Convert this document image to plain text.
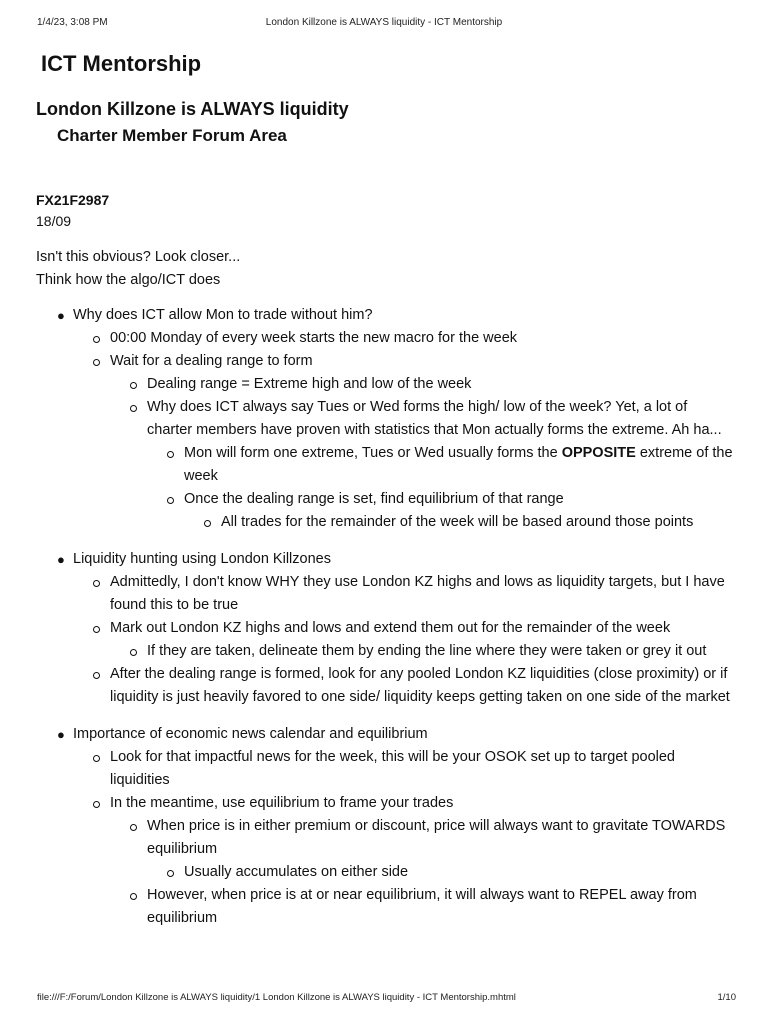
1/4/23, 3:08 PM	London Killzone is ALWAYS liquidity - ICT Mentorship
ICT Mentorship
London Killzone is ALWAYS liquidity
Charter Member Forum Area
FX21F2987
18/09
Isn't this obvious? Look closer...
Think how the algo/ICT does
● Why does ICT allow Mon to trade without him?
00:00 Monday of every week starts the new macro for the week
Wait for a dealing range to form
Dealing range = Extreme high and low of the week
Why does ICT always say Tues or Wed forms the high/ low of the week? Yet, a lot of charter members have proven with statistics that Mon actually forms the extreme. Ah ha...
Mon will form one extreme, Tues or Wed usually forms the OPPOSITE extreme of the week
Once the dealing range is set, find equilibrium of that range
All trades for the remainder of the week will be based around those points
● Liquidity hunting using London Killzones
Admittedly, I don't know WHY they use London KZ highs and lows as liquidity targets, but I have found this to be true
Mark out London KZ highs and lows and extend them out for the remainder of the week
If they are taken, delineate them by ending the line where they were taken or grey it out
After the dealing range is formed, look for any pooled London KZ liquidities (close proximity) or if liquidity is just heavily favored to one side/ liquidity keeps getting taken on one side of the market
● Importance of economic news calendar and equilibrium
Look for that impactful news for the week, this will be your OSOK set up to target pooled liquidities
In the meantime, use equilibrium to frame your trades
When price is in either premium or discount, price will always want to gravitate TOWARDS equilibrium
Usually accumulates on either side
However, when price is at or near equilibrium, it will always want to REPEL away from equilibrium
file:///F:/Forum/London Killzone is ALWAYS liquidity/1 London Killzone is ALWAYS liquidity - ICT Mentorship.mhtml	1/10
